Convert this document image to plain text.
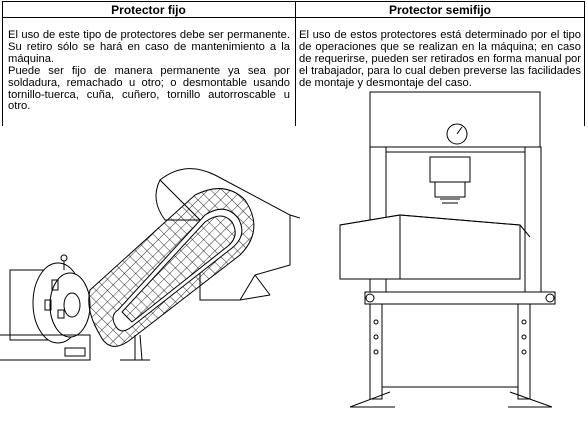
Protector fijo	Protector semifijo

El uso de este tipo de protectores debe ser permanente. Su retiro sólo se hará en caso de mantenimiento a la máquina.

Puede ser fijo de manera permanente ya sea por soldadura, remachado u otro; o desmontable usando tornillo-tuerca, cuña, cuñero, tornillo autorroscable u otro.

El uso de estos protectores está determinado por el tipo de operaciones que se realizan en la máquina; en caso de requerirse, pueden ser retirados en forma manual por el trabajador, para lo cual deben preverse las facilidades de montaje y desmontaje del caso.
